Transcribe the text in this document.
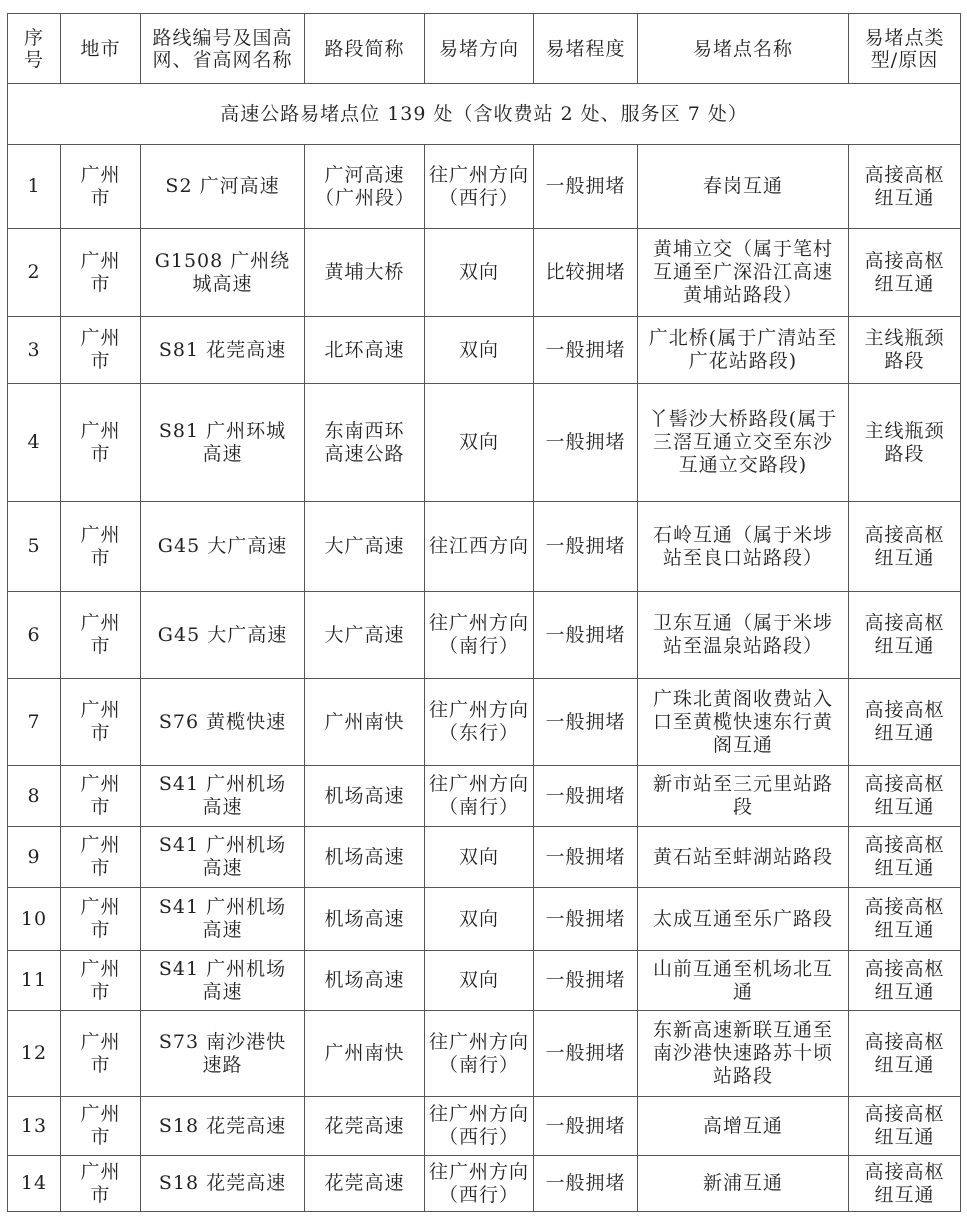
序号	地市	路线编号及国高网、省高网名称	路段简称	易堵方向	易堵程度	易堵点名称	易堵点类型/原因
高速公路易堵点位 139 处（含收费站 2 处、服务区 7 处）							
1	广州市	S2 广河高速	广河高速（广州段）	往广州方向（西行）	一般拥堵	春岗互通	高接高枢纽互通
2	广州市	G1508 广州绕城高速	黄埔大桥	双向	比较拥堵	黄埔立交（属于笔村互通至广深沿江高速黄埔站路段）	高接高枢纽互通
3	广州市	S81 花莞高速	北环高速	双向	一般拥堵	广北桥(属于广清站至广花站路段)	主线瓶颈路段
4	广州市	S81 广州环城高速	东南西环高速公路	双向	一般拥堵	丫髻沙大桥路段(属于三滘互通立交至东沙互通立交路段)	主线瓶颈路段
5	广州市	G45 大广高速	大广高速	往江西方向	一般拥堵	石岭互通（属于米埗站至良口站路段）	高接高枢纽互通
6	广州市	G45 大广高速	大广高速	往广州方向（南行）	一般拥堵	卫东互通（属于米埗站至温泉站路段）	高接高枢纽互通
7	广州市	S76 黄榄快速	广州南快	往广州方向（东行）	一般拥堵	广珠北黄阁收费站入口至黄榄快速东行黄阁互通	高接高枢纽互通
8	广州市	S41 广州机场高速	机场高速	往广州方向（南行）	一般拥堵	新市站至三元里站路段	高接高枢纽互通
9	广州市	S41 广州机场高速	机场高速	双向	一般拥堵	黄石站至蚌湖站路段	高接高枢纽互通
10	广州市	S41 广州机场高速	机场高速	双向	一般拥堵	太成互通至乐广路段	高接高枢纽互通
11	广州市	S41 广州机场高速	机场高速	双向	一般拥堵	山前互通至机场北互通	高接高枢纽互通
12	广州市	S73 南沙港快速路	广州南快	往广州方向（南行）	一般拥堵	东新高速新联互通至南沙港快速路苏十顷站路段	高接高枢纽互通
13	广州市	S18 花莞高速	花莞高速	往广州方向（西行）	一般拥堵	高增互通	高接高枢纽互通
14	广州市	S18 花莞高速	花莞高速	往广州方向（西行）	一般拥堵	新浦互通	高接高枢纽互通
